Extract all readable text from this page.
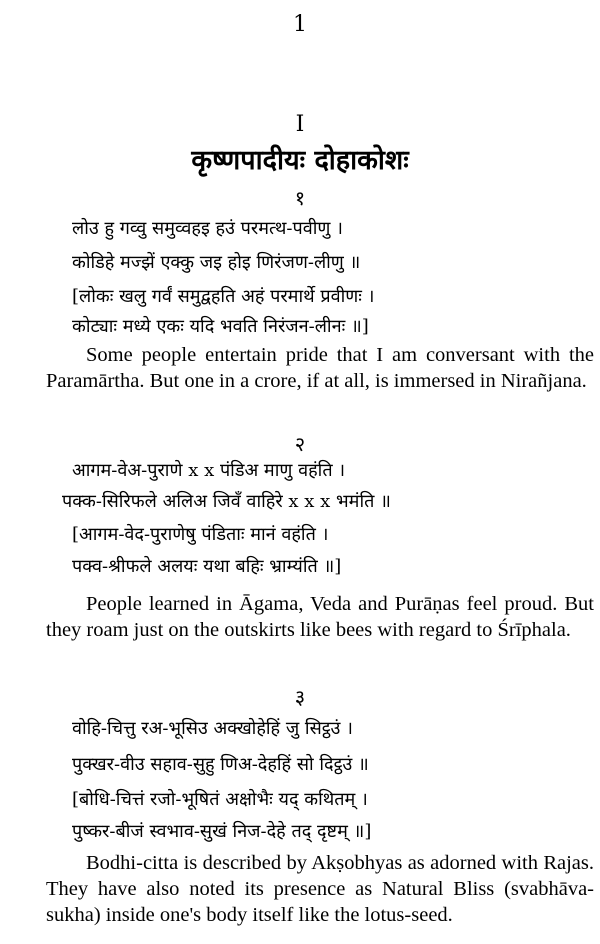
1
I
कृष्णपादीयः दोहाकोशः
१
लोउ हु गव्वु समुव्वहइ हउं परमत्थ-पवीणु ।
कोडिहे मज्झें एक्कु जइ होइ णिरंजण-लीणु ॥
[लोकः खलु गर्वं समुद्वहति अहं परमार्थे प्रवीणः ।
कोट्याः मध्ये एकः यदि भवति निरंजन-लीनः ॥]

Some people entertain pride that I am conversant with the Paramārtha. But one in a crore, if at all, is immersed in Nirañjana.

२
आगम-वेअ-पुराणे x x पंडिअ माणु वहंति ।
पक्क-सिरिफले अलिअ जिवँ वाहिरे x x x भमंति ॥
[आगम-वेद-पुराणेषु पंडिताः मानं वहंति ।
पक्व-श्रीफले अलयः यथा बहिः भ्राम्यंति ॥]

People learned in Āgama, Veda and Purāṇas feel proud. But they roam just on the outskirts like bees with regard to Śrīphala.

३
वोहि-चित्तु रअ-भूसिउ अक्खोहेहिं जु सिट्ठउं ।
पुक्खर-वीउ सहाव-सुहु णिअ-देहहिं सो दिट्ठउं ॥
[बोधि-चित्तं रजो-भूषितं अक्षोभैः यद् कथितम् ।
पुष्कर-बीजं स्वभाव-सुखं निज-देहे तद् दृष्टम् ॥]

Bodhi-citta is described by Akṣobhyas as adorned with Rajas. They have also noted its presence as Natural Bliss (svabhāva-sukha) inside one's body itself like the lotus-seed.
